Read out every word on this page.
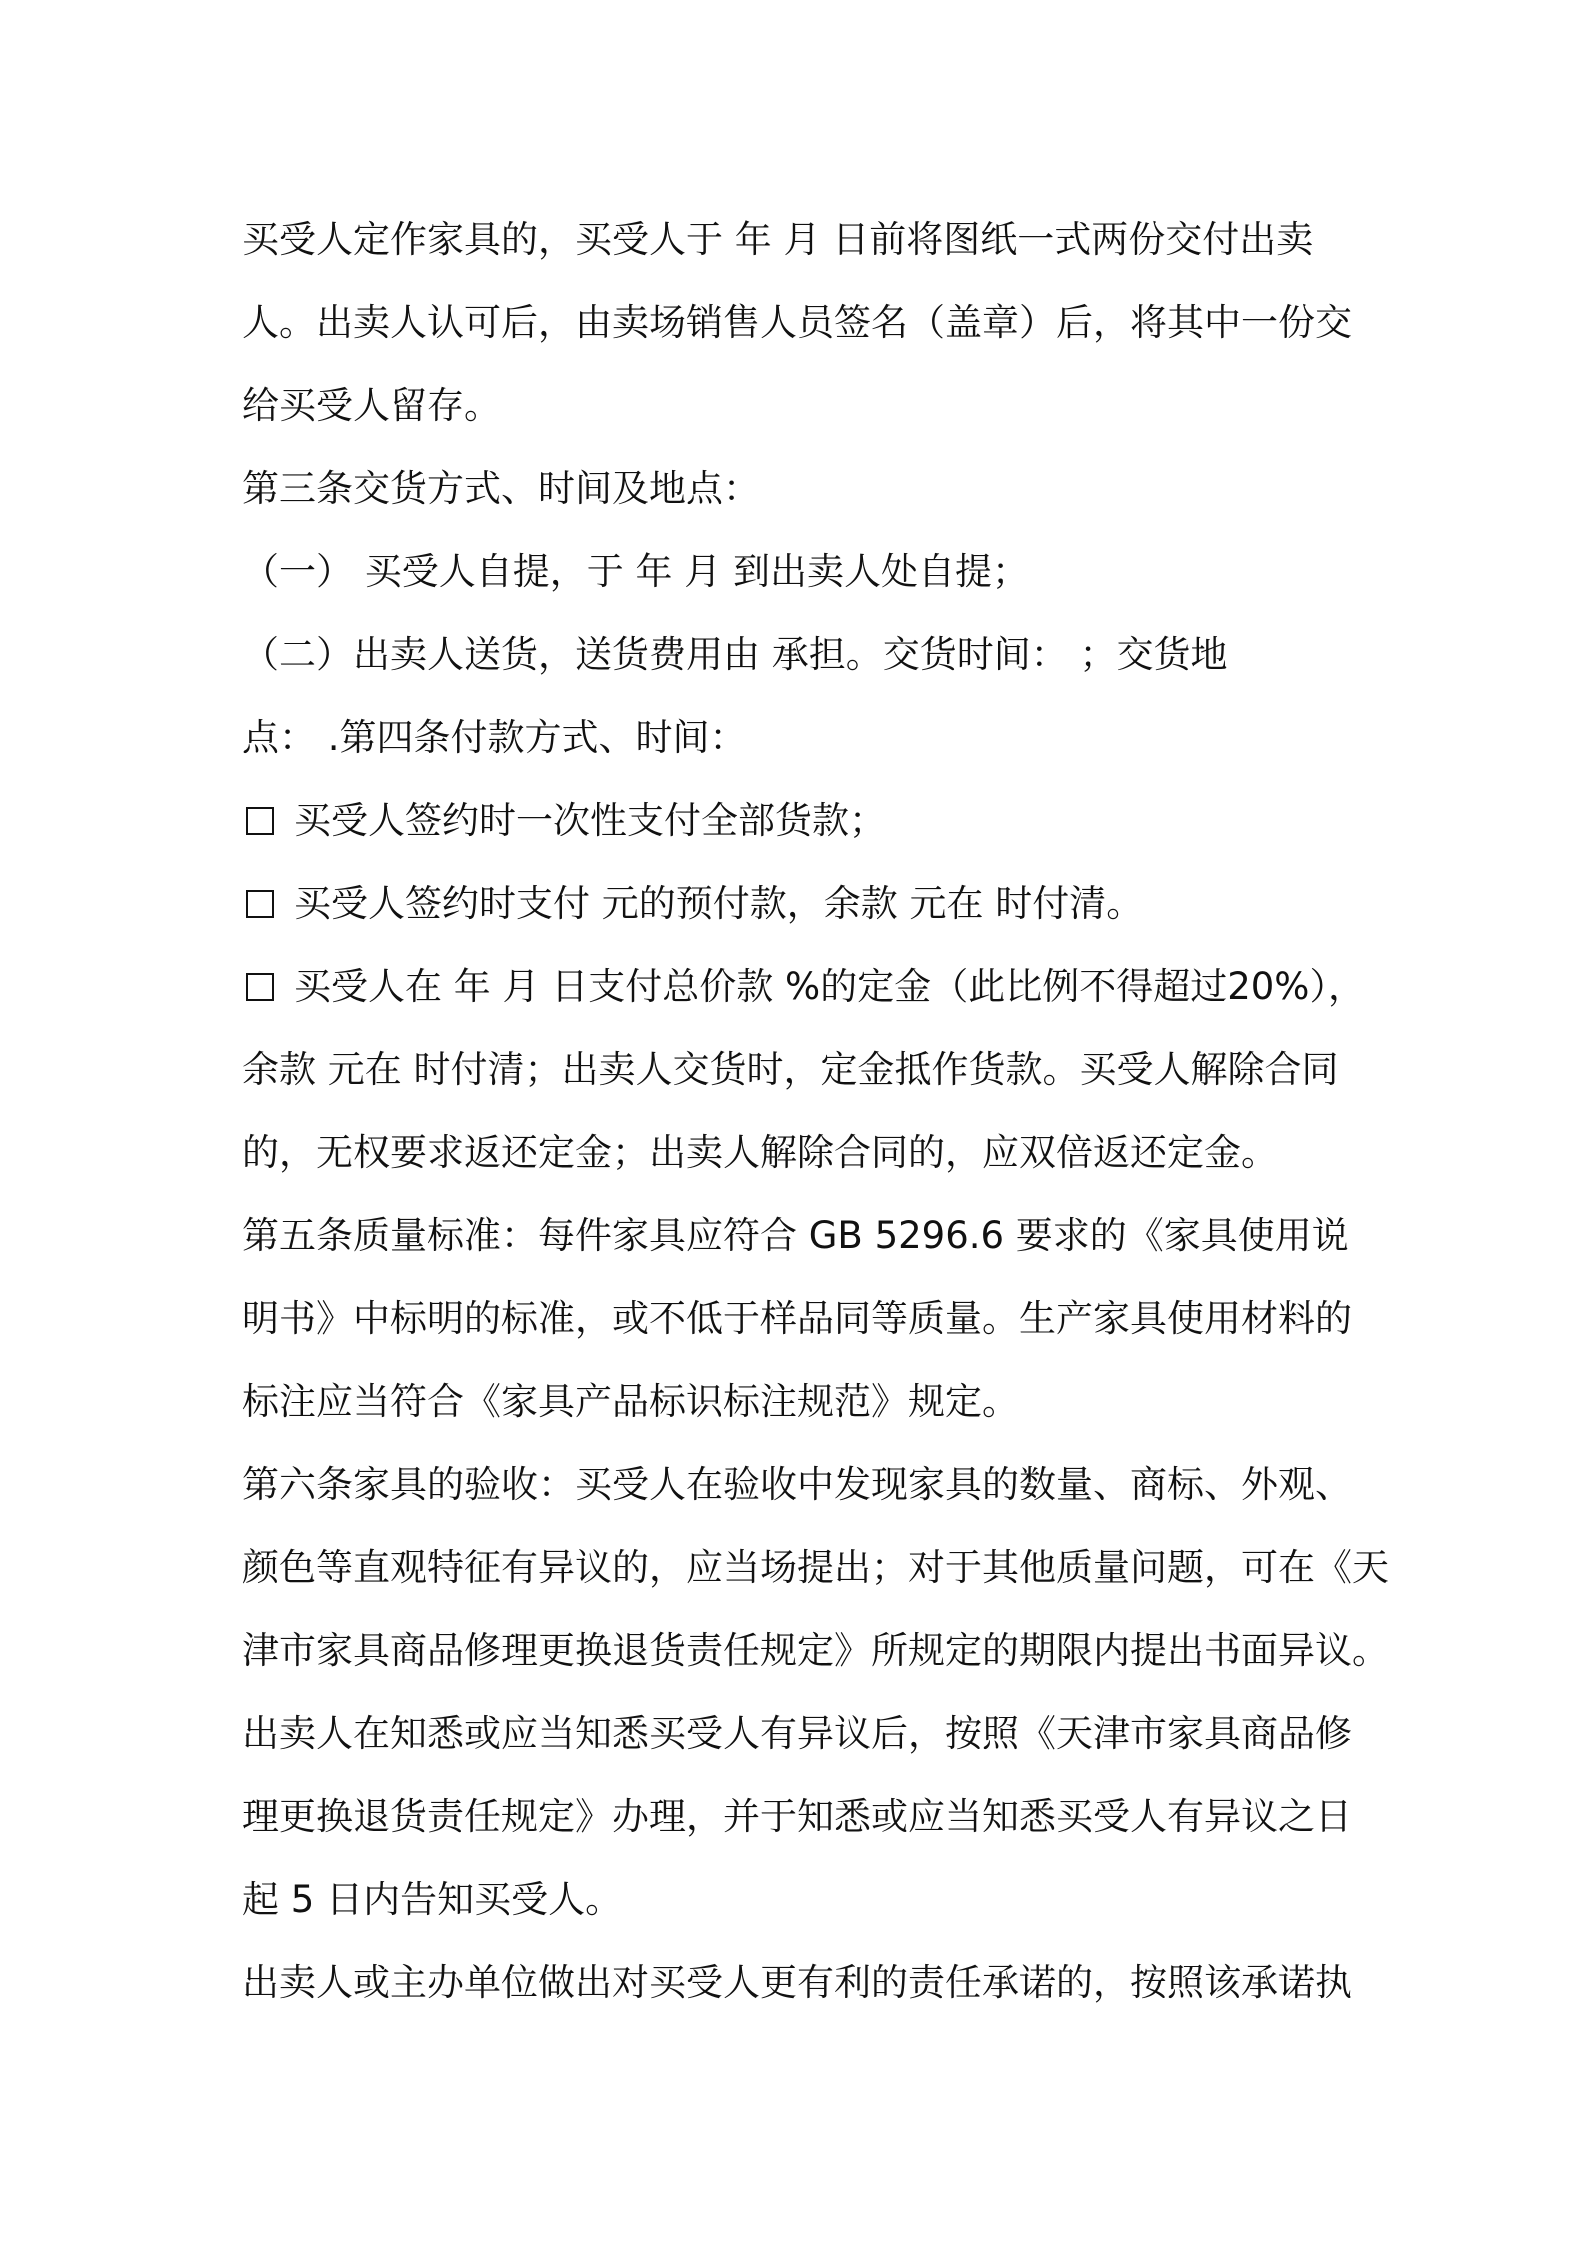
买受人定作家具的，买受人于 年 月 日前将图纸一式两份交付出卖
人。出卖人认可后，由卖场销售人员签名（盖章）后，将其中一份交
给买受人留存。
第三条交货方式、时间及地点：
（一） 买受人自提，于 年 月 到出卖人处自提；
（二）出卖人送货，送货费用由 承担。交货时间： ；交货地
点： .第四条付款方式、时间：
买受人签约时一次性支付全部货款；
买受人签约时支付 元的预付款，余款 元在 时付清。
买受人在 年 月 日支付总价款 %的定金（此比例不得超过20%），
余款 元在 时付清；出卖人交货时，定金抵作货款。买受人解除合同
的，无权要求返还定金；出卖人解除合同的，应双倍返还定金。
第五条质量标准：每件家具应符合 GB 5296.6 要求的《家具使用说
明书》中标明的标准，或不低于样品同等质量。生产家具使用材料的
标注应当符合《家具产品标识标注规范》规定。
第六条家具的验收：买受人在验收中发现家具的数量、商标、外观、
颜色等直观特征有异议的，应当场提出；对于其他质量问题，可在《天
津市家具商品修理更换退货责任规定》所规定的期限内提出书面异议。
出卖人在知悉或应当知悉买受人有异议后，按照《天津市家具商品修
理更换退货责任规定》办理，并于知悉或应当知悉买受人有异议之日
起 5 日内告知买受人。
出卖人或主办单位做出对买受人更有利的责任承诺的，按照该承诺执
